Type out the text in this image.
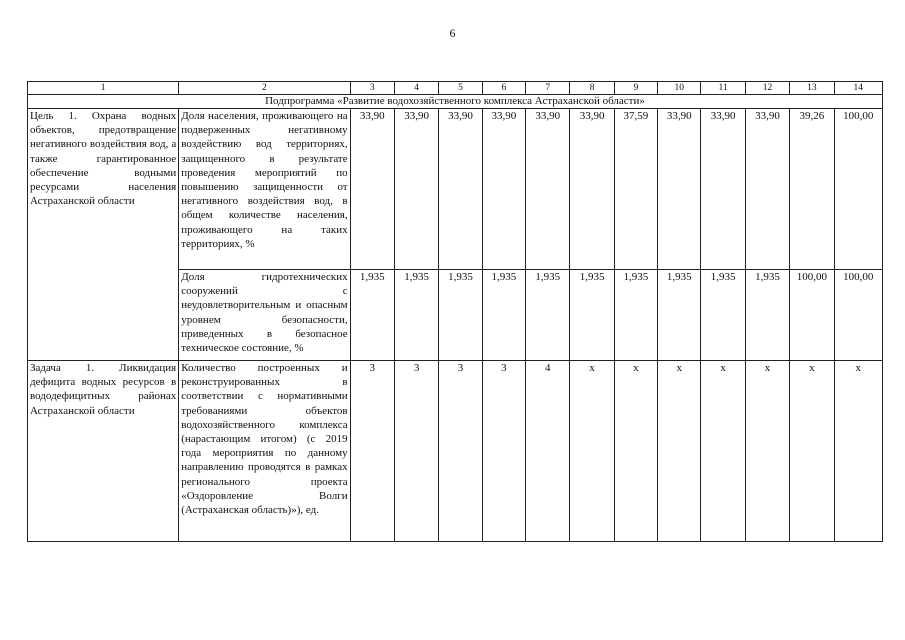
6
1	2	3	4	5	6	7	8	9	10	11	12	13	14
Подпрограмма «Развитие водохозяйственного комплекса Астраханской области»													

Цель 1. Охрана водных объектов, предотвращение негативного воздействия вод, а также гарантированное обеспечение водными ресурсами населения Астраханской области	Доля населения, проживающего на подверженных негативному воздействию вод территориях, защищенного в результате проведения мероприятий по повышению защищенности от негативного воздействия вод, в общем количестве населения, проживающего на таких территориях, %	33,90	33,90	33,90	33,90	33,90	33,90	37,59	33,90	33,90	33,90	39,26	100,00
	Доля гидротехнических сооружений с неудовлетворительным и опасным уровнем безопасности, приведенных в безопасное техническое состояние, %	1,935	1,935	1,935	1,935	1,935	1,935	1,935	1,935	1,935	1,935	100,00	100,00
Задача 1. Ликвидация дефицита водных ресурсов в вододефицитных районах Астраханской области	Количество построенных и реконструированных в соответствии с нормативными требованиями объектов водохозяйственного комплекса (нарастающим итогом) (с 2019 года мероприятия по данному направлению проводятся в рамках регионального проекта «Оздоровление Волги (Астраханская область)»), ед.	3	3	3	3	4	х	х	х	х	х	х	х
